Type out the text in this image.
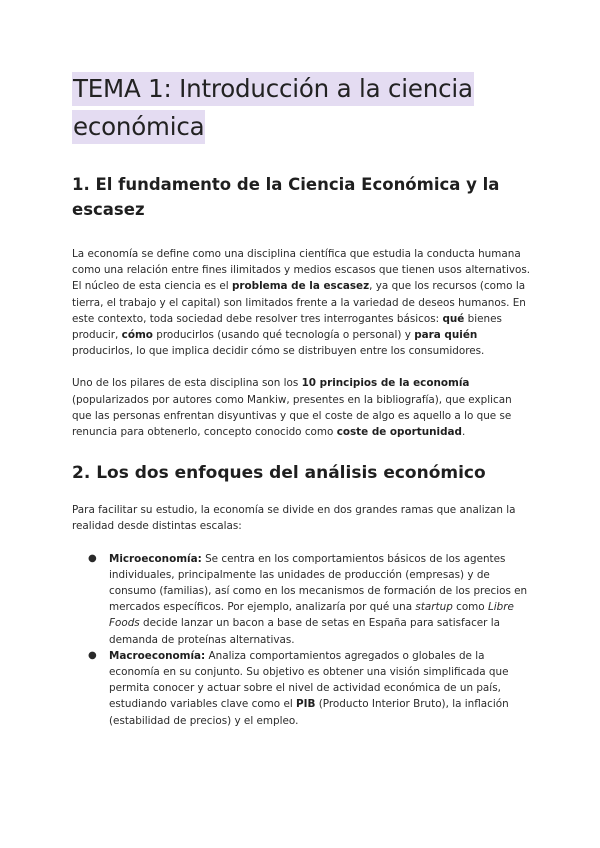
TEMA 1: Introducción a la ciencia económica
1. El fundamento de la Ciencia Económica y la escasez

La economía se define como una disciplina científica que estudia la conducta humana como una relación entre fines ilimitados y medios escasos que tienen usos alternativos. El núcleo de esta ciencia es el problema de la escasez, ya que los recursos (como la tierra, el trabajo y el capital) son limitados frente a la variedad de deseos humanos. En este contexto, toda sociedad debe resolver tres interrogantes básicos: qué bienes producir, cómo producirlos (usando qué tecnología o personal) y para quién producirlos, lo que implica decidir cómo se distribuyen entre los consumidores.

Uno de los pilares de esta disciplina son los 10 principios de la economía (popularizados por autores como Mankiw, presentes en la bibliografía), que explican que las personas enfrentan disyuntivas y que el coste de algo es aquello a lo que se renuncia para obtenerlo, concepto conocido como coste de oportunidad.

2. Los dos enfoques del análisis económico

Para facilitar su estudio, la economía se divide en dos grandes ramas que analizan la realidad desde distintas escalas:

● Microeconomía: Se centra en los comportamientos básicos de los agentes individuales, principalmente las unidades de producción (empresas) y de consumo (familias), así como en los mecanismos de formación de los precios en mercados específicos. Por ejemplo, analizaría por qué una startup como Libre Foods decide lanzar un bacon a base de setas en España para satisfacer la demanda de proteínas alternativas.
● Macroeconomía: Analiza comportamientos agregados o globales de la economía en su conjunto. Su objetivo es obtener una visión simplificada que permita conocer y actuar sobre el nivel de actividad económica de un país, estudiando variables clave como el PIB (Producto Interior Bruto), la inflación (estabilidad de precios) y el empleo.
